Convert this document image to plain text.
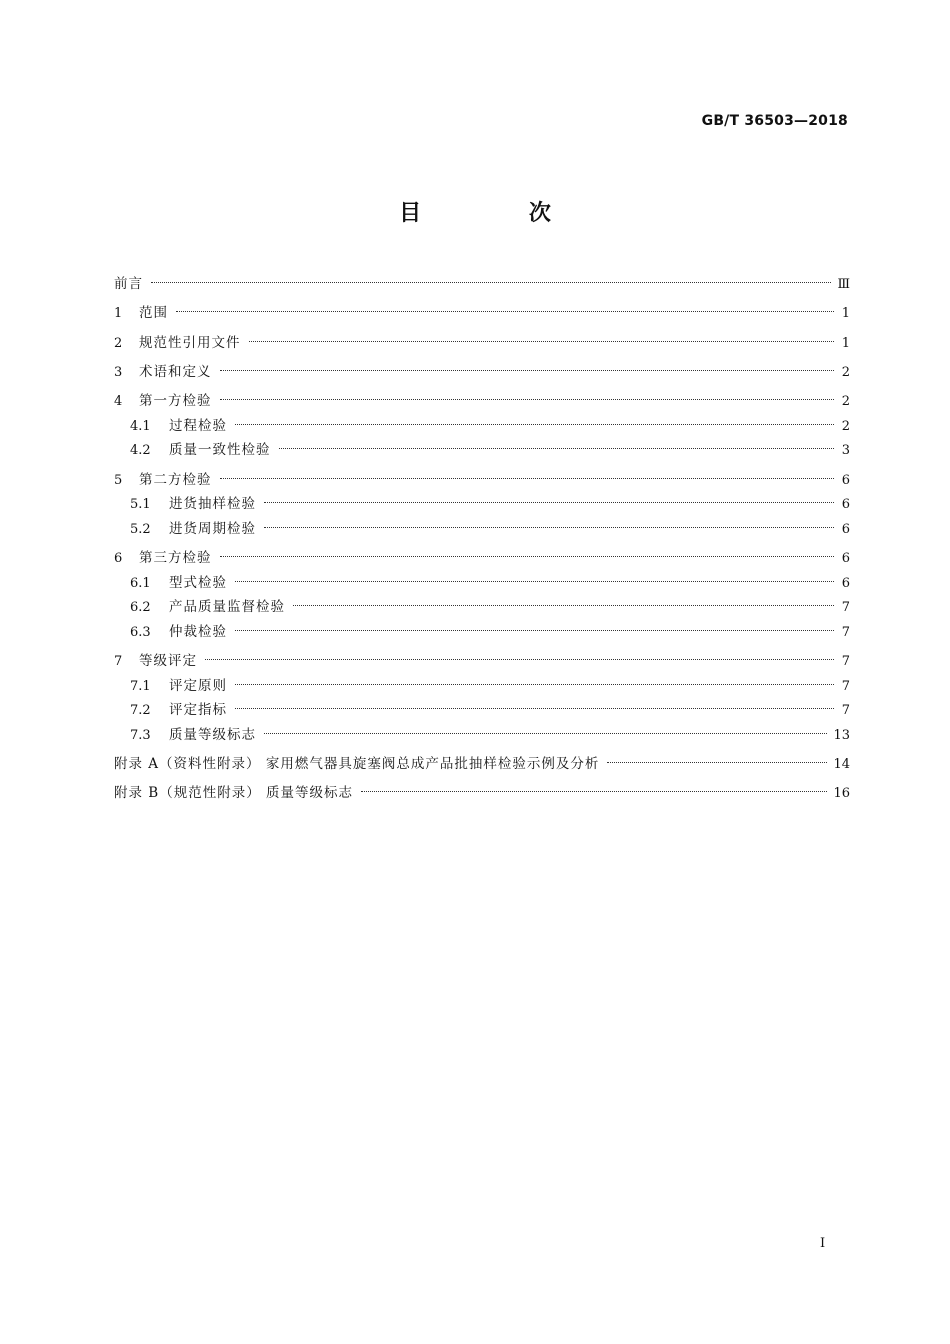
GB/T 36503—2018
目 次
前言	Ⅲ
1	范围	1
2	规范性引用文件	1
3	术语和定义	2
4	第一方检验	2
4.1	过程检验	2
4.2	质量一致性检验	3
5	第二方检验	6
5.1	进货抽样检验	6
5.2	进货周期检验	6
6	第三方检验	6
6.1	型式检验	6
6.2	产品质量监督检验	7
6.3	仲裁检验	7
7	等级评定	7
7.1	评定原则	7
7.2	评定指标	7
7.3	质量等级标志	13
附录 A（资料性附录） 家用燃气器具旋塞阀总成产品批抽样检验示例及分析	14
附录 B（规范性附录） 质量等级标志	16
I
